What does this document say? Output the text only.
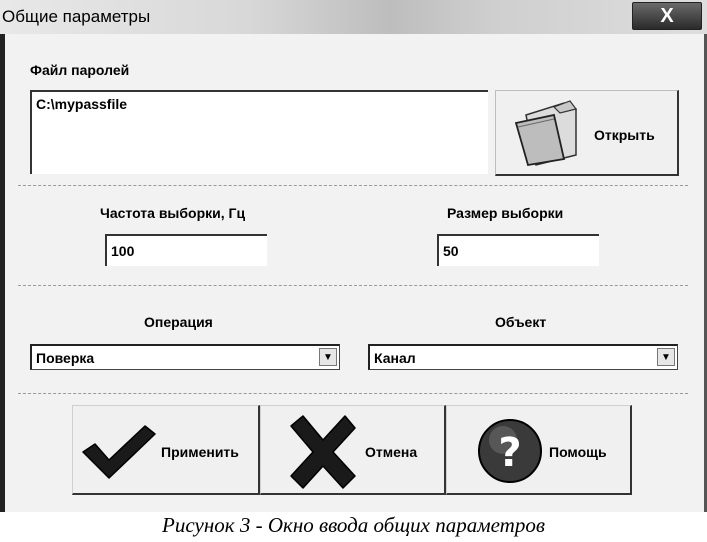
Общие параметры	X
Файл паролей
C:\mypassfile
Открыть
Частота выборки, Гц
100
Размер выборки
50
Операция
Поверка	▼
Объект
Канал	▼
Применить	Отмена ? Помощь
Рисунок 3 - Окно ввода общих параметров
